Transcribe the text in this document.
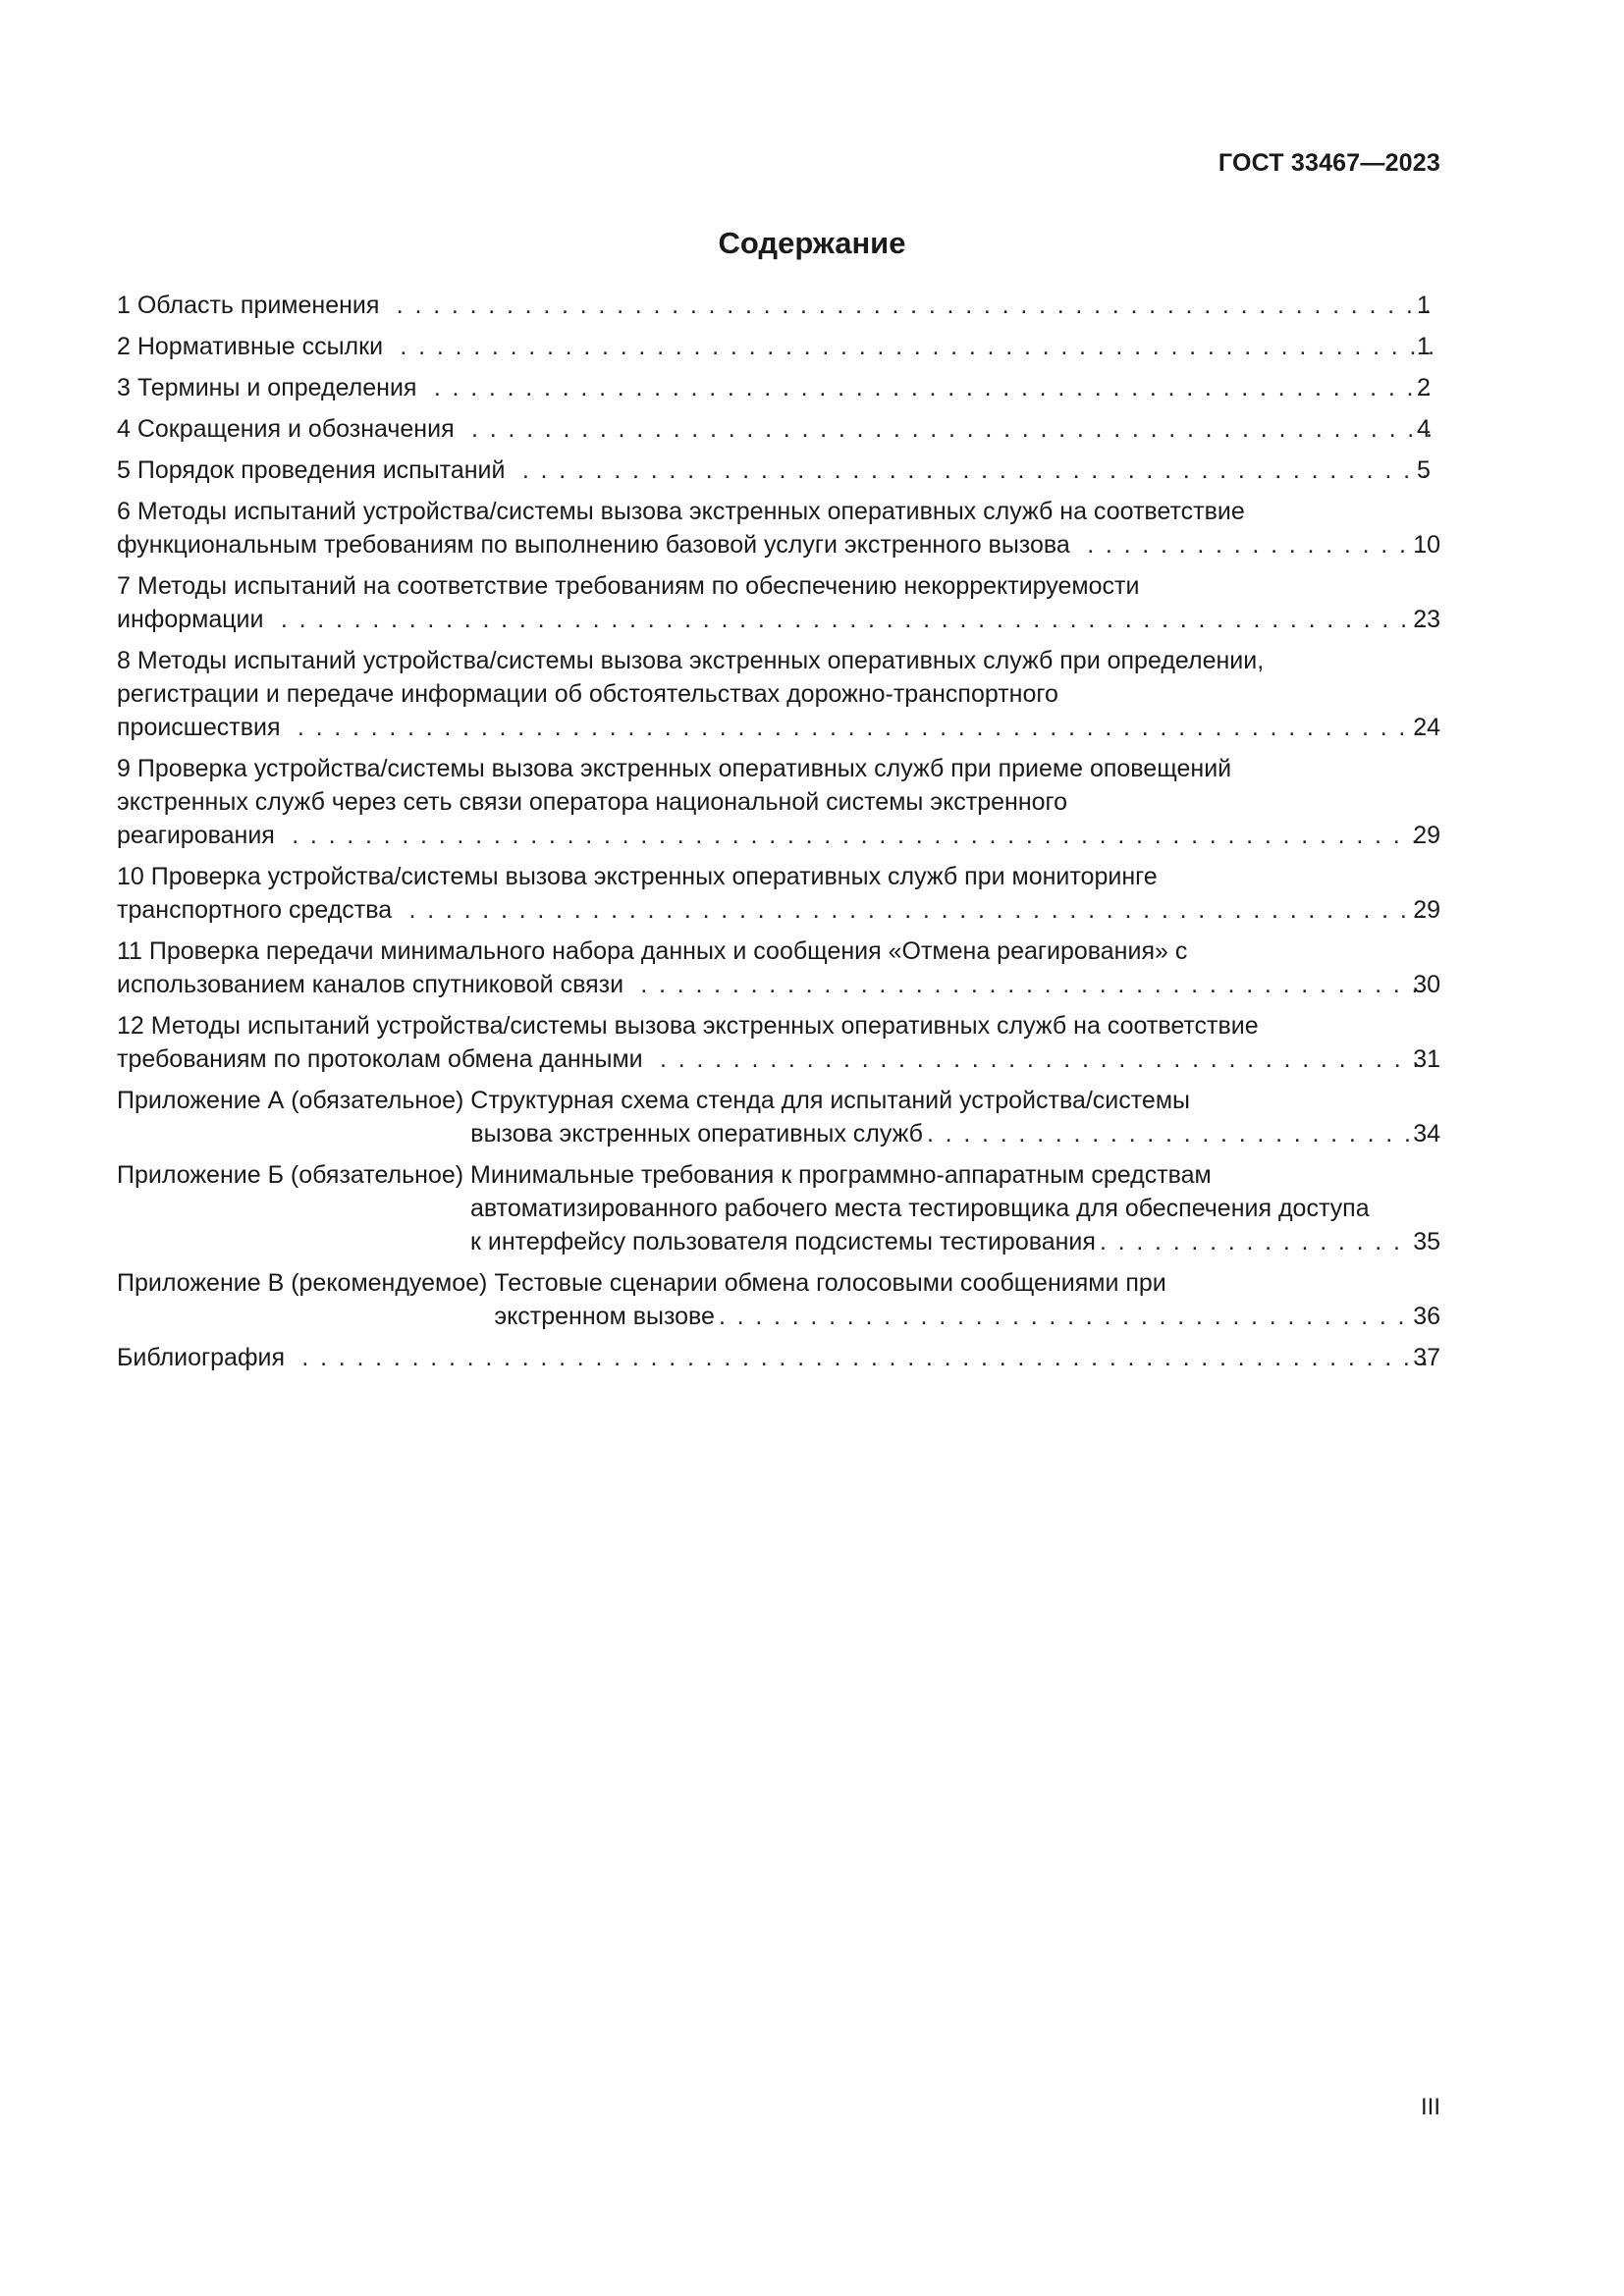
ГОСТ 33467—2023
Содержание
1 Область применения . . .	1
2 Нормативные ссылки . . .	1
3 Термины и определения . . .	2
4 Сокращения и обозначения . . .	4
5 Порядок проведения испытаний . . .	5
6 Методы испытаний устройства/системы вызова экстренных оперативных служб на соответствие
функциональным требованиям по выполнению базовой услуги экстренного вызова . . .	10
7 Методы испытаний на соответствие требованиям по обеспечению некорректируемости
информации . . .	23
8 Методы испытаний устройства/системы вызова экстренных оперативных служб при определении,
регистрации и передаче информации об обстоятельствах дорожно-транспортного
происшествия . . .	24
9 Проверка устройства/системы вызова экстренных оперативных служб при приеме оповещений
экстренных служб через сеть связи оператора национальной системы экстренного
реагирования . . .	29
10 Проверка устройства/системы вызова экстренных оперативных служб при мониторинге
транспортного средства . . .	29
11 Проверка передачи минимального набора данных и сообщения «Отмена реагирования» с
использованием каналов спутниковой связи . . .	30
12 Методы испытаний устройства/системы вызова экстренных оперативных служб на соответствие
требованиям по протоколам обмена данными . . .	31
Приложение А (обязательное) Структурная схема стенда для испытаний устройства/системы
вызова экстренных оперативных служб . . .	34
Приложение Б (обязательное) Минимальные требования к программно-аппаратным средствам
автоматизированного рабочего места тестировщика для обеспечения доступа
к интерфейсу пользователя подсистемы тестирования . . .	35
Приложение В (рекомендуемое) Тестовые сценарии обмена голосовыми сообщениями при
экстренном вызове . . .	36
Библиография . . .	37
III
